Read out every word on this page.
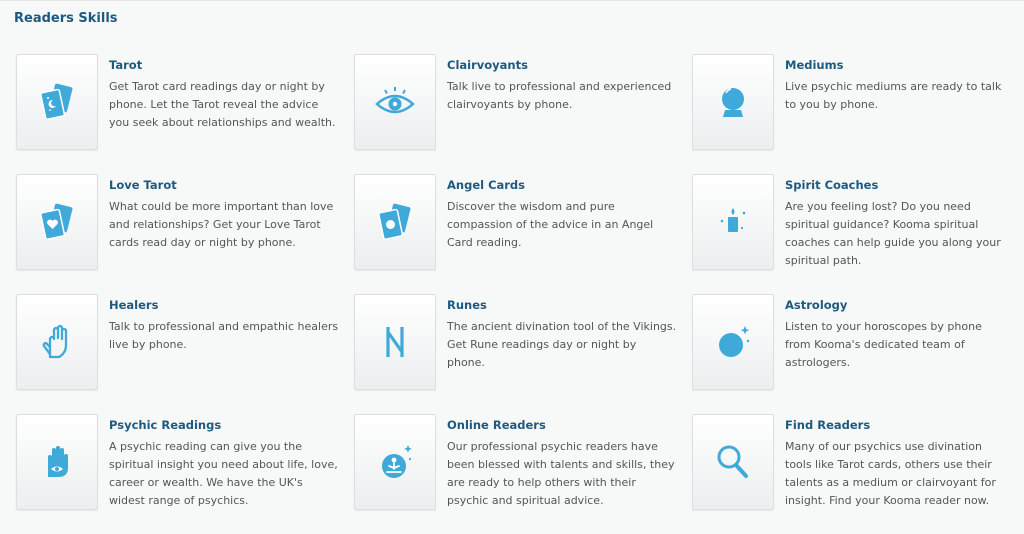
Readers Skills
Tarot
Get Tarot card readings day or night by phone. Let the Tarot reveal the advice you seek about relationships and wealth.
Clairvoyants
Talk live to professional and experienced clairvoyants by phone.
Mediums
Live psychic mediums are ready to talk to you by phone.
Love Tarot
What could be more important than love and relationships? Get your Love Tarot cards read day or night by phone.
Angel Cards
Discover the wisdom and pure compassion of the advice in an Angel Card reading.
Spirit Coaches
Are you feeling lost? Do you need spiritual guidance? Kooma spiritual coaches can help guide you along your spiritual path.
Healers
Talk to professional and empathic healers live by phone.
Runes
The ancient divination tool of the Vikings. Get Rune readings day or night by phone.
Astrology
Listen to your horoscopes by phone from Kooma's dedicated team of astrologers.
Psychic Readings
A psychic reading can give you the spiritual insight you need about life, love, career or wealth. We have the UK's widest range of psychics.
Online Readers
Our professional psychic readers have been blessed with talents and skills, they are ready to help others with their psychic and spiritual advice.
Find Readers
Many of our psychics use divination tools like Tarot cards, others use their talents as a medium or clairvoyant for insight. Find your Kooma reader now.
